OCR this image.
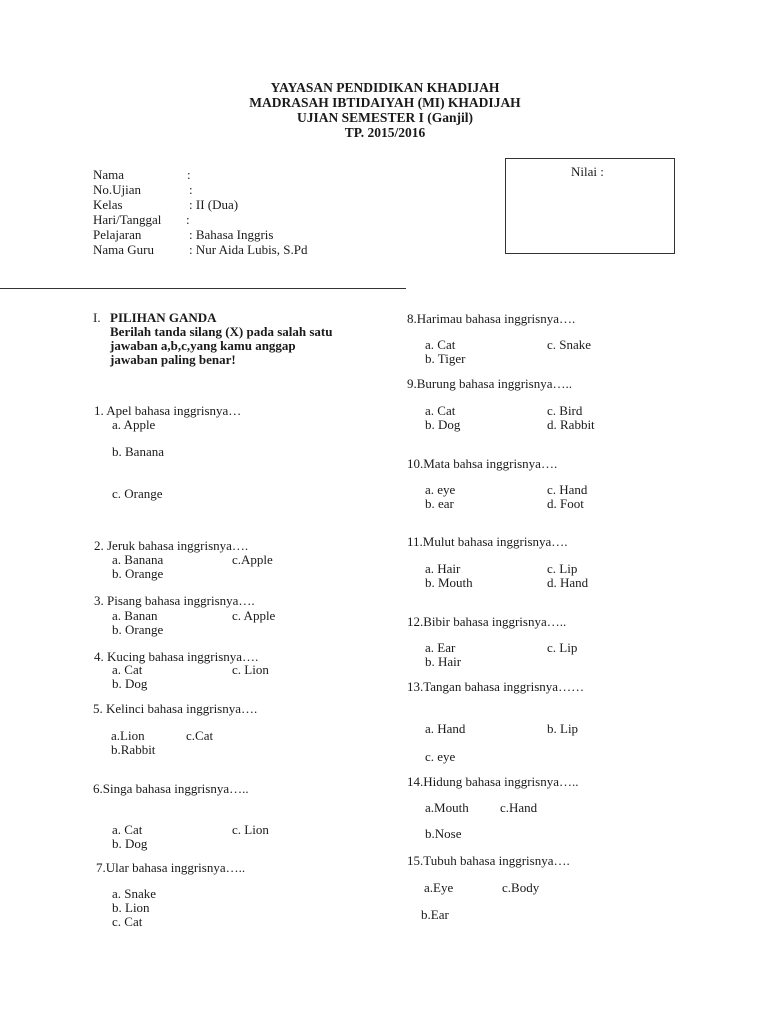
YAYASAN PENDIDIKAN KHADIJAH
MADRASAH IBTIDAIYAH (MI) KHADIJAH
UJIAN SEMESTER I (Ganjil)
TP. 2015/2016
Nama	:
No.Ujian	:
Kelas	: II (Dua)
Hari/Tanggal :
Pelajaran	: Bahasa Inggris
Nama Guru	: Nur Aida Lubis, S.Pd
Nilai :
I. PILIHAN GANDA
Berilah tanda silang (X) pada salah satu
jawaban a,b,c,yang kamu anggap
jawaban paling benar!
1. Apel bahasa inggrisnya…
a. Apple
b. Banana
c. Orange
2. Jeruk bahasa inggrisnya….
a. Banana	c.Apple
b. Orange
3. Pisang bahasa inggrisnya….
a. Banan	c. Apple
b. Orange
4. Kucing bahasa inggrisnya….
a. Cat	c. Lion
b. Dog
5. Kelinci bahasa inggrisnya….
a.Lion	c.Cat
b.Rabbit
6.Singa bahasa inggrisnya…..
a. Cat	c. Lion
b. Dog
7.Ular bahasa inggrisnya…..
a. Snake
b. Lion
c. Cat
8.Harimau bahasa inggrisnya….
a. Cat	c. Snake
b. Tiger
9.Burung bahasa inggrisnya…..
a. Cat	c. Bird
b. Dog	d. Rabbit
10.Mata bahsa inggrisnya….
a. eye	c. Hand
b. ear	d. Foot
11.Mulut bahasa inggrisnya….
a. Hair	c. Lip
b. Mouth	d. Hand
12.Bibir bahasa inggrisnya…..
a. Ear	c. Lip
b. Hair
13.Tangan bahasa inggrisnya……
a. Hand	b. Lip
c. eye
14.Hidung bahasa inggrisnya…..
a.Mouth c.Hand
b.Nose
15.Tubuh bahasa inggrisnya….
a.Eye	c.Body
b.Ear
